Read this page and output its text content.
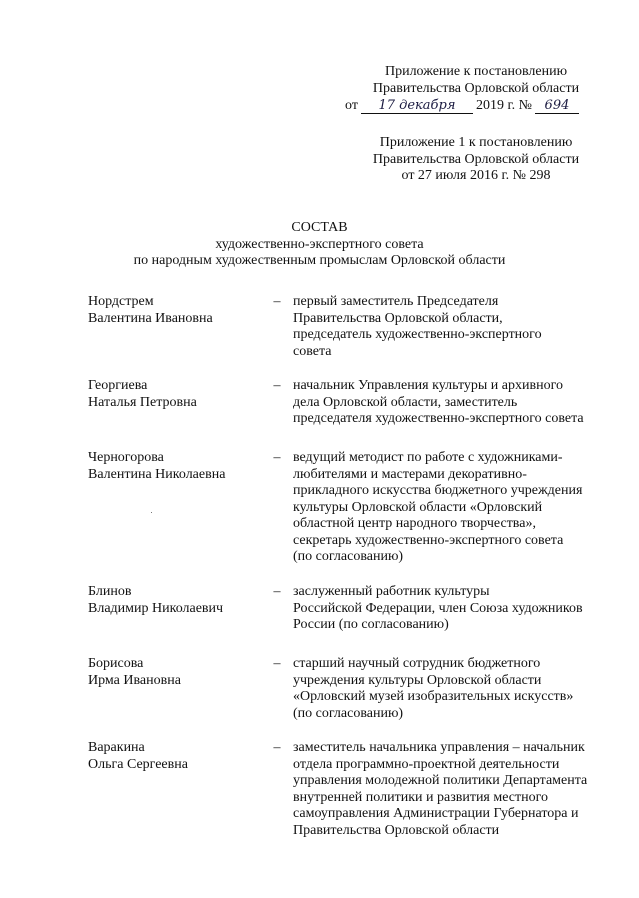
Приложение к постановлению
Правительства Орловской области
от 17 декабря 2019 г. № 694
Приложение 1 к постановлению
Правительства Орловской области
от 27 июля 2016 г. № 298
СОСТАВ
художественно-экспертного совета
по народным художественным промыслам Орловской области
Нордстрем
Валентина Ивановна
– первый заместитель Председателя
Правительства Орловской области,
председатель художественно-экспертного
совета
Георгиева
Наталья Петровна
– начальник Управления культуры и архивного
дела Орловской области, заместитель
председателя художественно-экспертного совета
Черногорова
Валентина Николаевна
– ведущий методист по работе с художниками-
любителями и мастерами декоративно-
прикладного искусства бюджетного учреждения
культуры Орловской области «Орловский
областной центр народного творчества»,
секретарь художественно-экспертного совета
(по согласованию)
Блинов
Владимир Николаевич
– заслуженный работник культуры
Российской Федерации, член Союза художников
России (по согласованию)
Борисова
Ирма Ивановна
– старший научный сотрудник бюджетного
учреждения культуры Орловской области
«Орловский музей изобразительных искусств»
(по согласованию)
Варакина
Ольга Сергеевна
– заместитель начальника управления – начальник
отдела программно-проектной деятельности
управления молодежной политики Департамента
внутренней политики и развития местного
самоуправления Администрации Губернатора и
Правительства Орловской области
